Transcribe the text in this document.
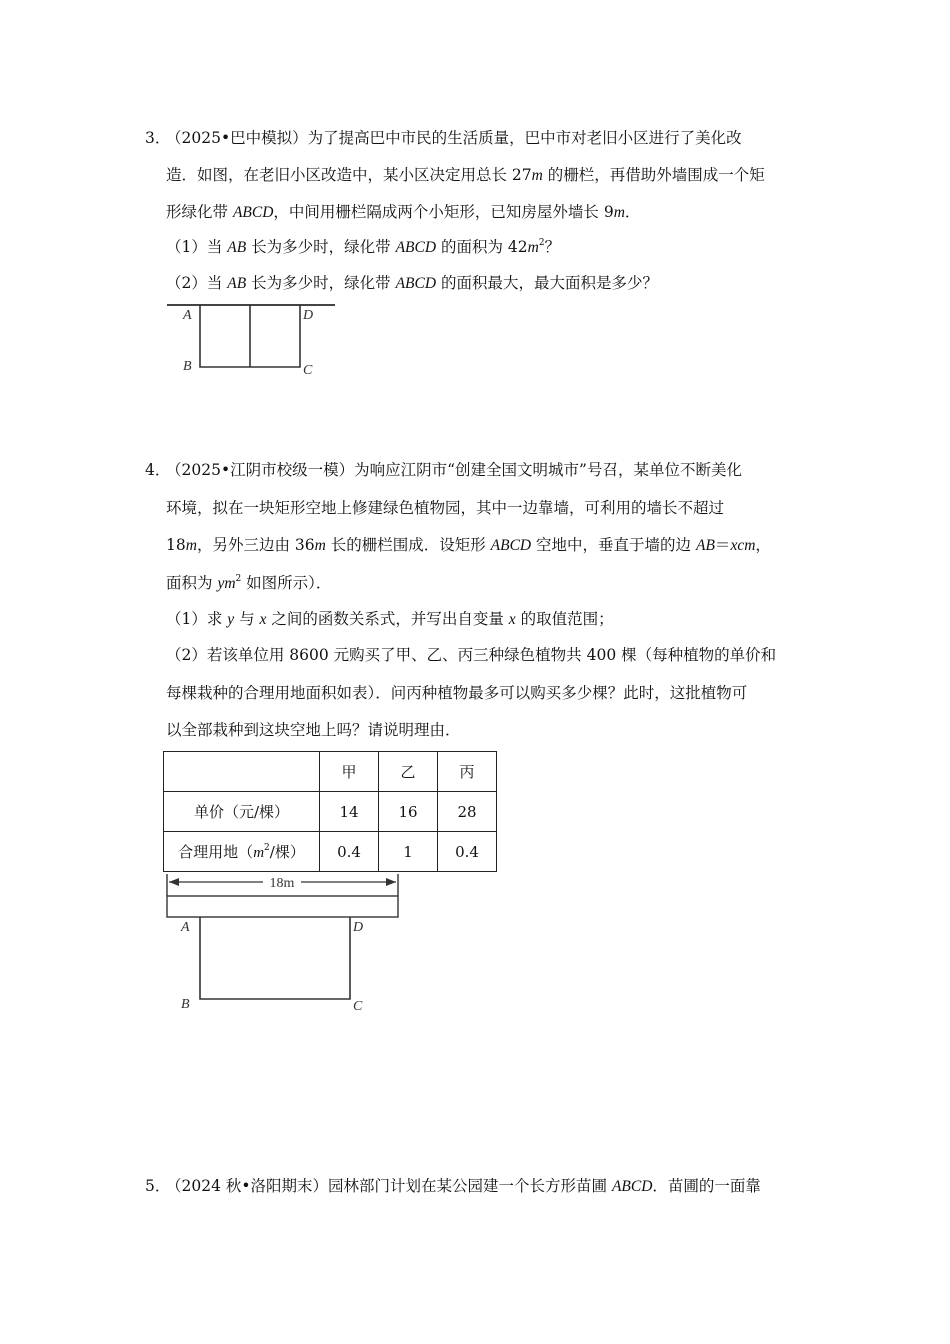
3．
（2025•巴中模拟）为了提高巴中市民的生活质量，巴中市对老旧小区进行了美化改
造．如图，在老旧小区改造中，某小区决定用总长 27m 的栅栏，再借助外墙围成一个矩
形绿化带 ABCD，中间用栅栏隔成两个小矩形，已知房屋外墙长 9m．
（1）当 AB 长为多少时，绿化带 ABCD 的面积为 $42m^2$？
（2）当 AB 长为多少时，绿化带 ABCD 的面积最大，最大面积是多少？
A	D
B	C
4．
（2025•江阴市校级一模）为响应江阴市“创建全国文明城市”号召，某单位不断美化
环境，拟在一块矩形空地上修建绿色植物园，其中一边靠墙，可利用的墙长不超过
18m，另外三边由 36m 长的栅栏围成．设矩形 ABCD 空地中，垂直于墙的边 AB＝xcm，
面积为 $ym^2$ 如图所示）．
（1）求 y 与 x 之间的函数关系式，并写出自变量 x 的取值范围；
（2）若该单位用 8600 元购买了甲、乙、丙三种绿色植物共 400 棵（每种植物的单价和
每棵栽种的合理用地面积如表）．问丙种植物最多可以购买多少棵？此时，这批植物可
以全部栽种到这块空地上吗？请说明理由．
	甲	乙	丙
单价（元/棵）	14	16	28
合理用地（$m^2/$棵）	0.4	1	0.4
18m
A	D
B	C
5．
（2024 秋•洛阳期末）园林部门计划在某公园建一个长方形苗圃 ABCD．苗圃的一面靠
